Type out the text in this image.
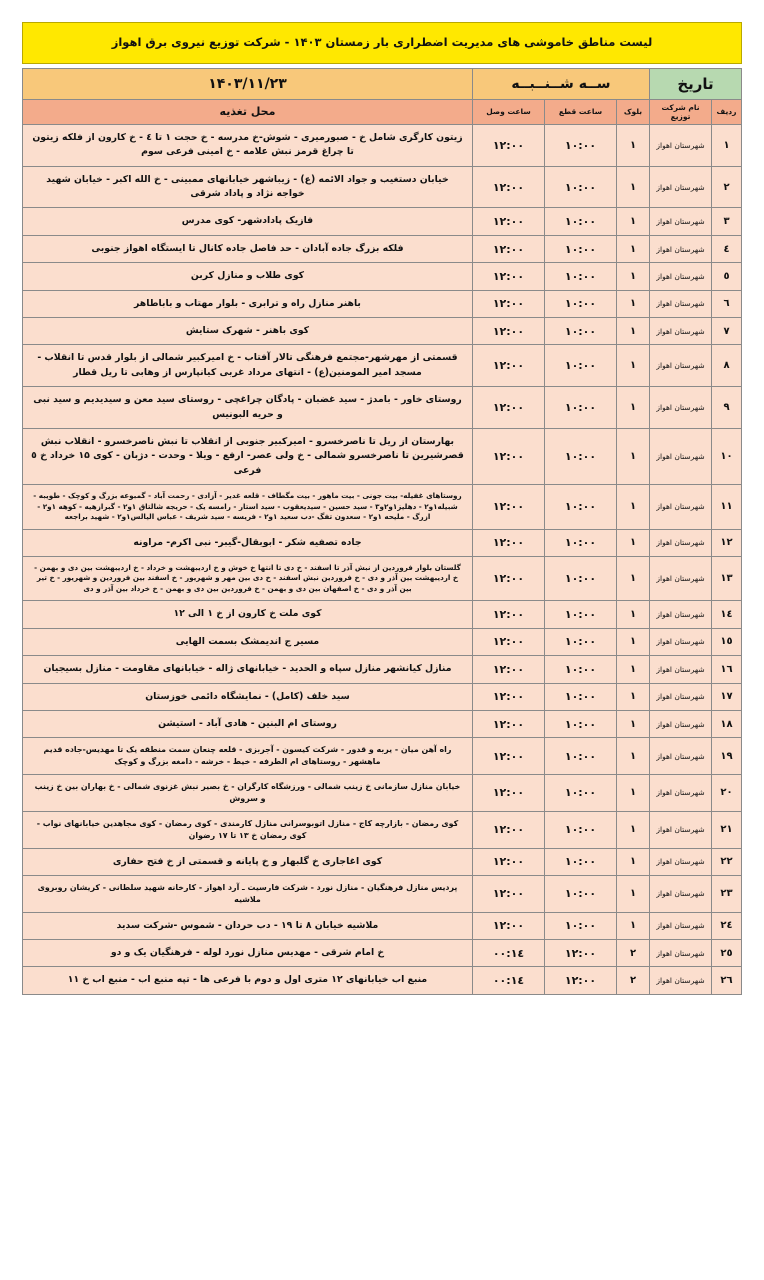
لیست مناطق خاموشی های مدیریت اضطراری بار زمستان ۱۴۰۳ - شرکت توزیع نیروی برق اهواز
تاریخ		ســه شــنــبــه			۱۴۰۳/۱۱/۲۳
ردیف	نام شرکت توزیع	بلوک	ساعت قطع	ساعت وصل	محل تغذیه
۱	شهرستان اهواز	۱	۱۰:۰۰	۱۲:۰۰	زیتون کارگری شامل خ - صبورمیری - شوش-خ مدرسه - خ حجت ۱ تا ٤ - خ کارون از فلکه زیتون تا چراغ قرمز نبش علامه - خ امینی فرعی سوم
۲	شهرستان اهواز	۱	۱۰:۰۰	۱۲:۰۰	خیابان دستغیب و جواد الائمه (ع) - زیباشهر خیابانهای ممبینی - خ الله اکبر - خیابان شهید خواجه نژاد و پاداد شرقی
۳	شهرستان اهواز	۱	۱۰:۰۰	۱۲:۰۰	فازیک پادادشهر- کوی مدرس
٤	شهرستان اهواز	۱	۱۰:۰۰	۱۲:۰۰	فلکه بزرگ جاده آبادان - حد فاصل جاده کانال تا ایستگاه اهواز جنوبی
٥	شهرستان اهواز	۱	۱۰:۰۰	۱۲:۰۰	کوی طلاب و منازل کربن
٦	شهرستان اهواز	۱	۱۰:۰۰	۱۲:۰۰	باهنر منازل راه و ترابری - بلوار مهتاب و باباطاهر
۷	شهرستان اهواز	۱	۱۰:۰۰	۱۲:۰۰	کوی باهنر - شهرک ستایش
۸	شهرستان اهواز	۱	۱۰:۰۰	۱۲:۰۰	قسمتی از مهرشهر-مجتمع فرهنگی تالار آفتاب - خ امیرکبیر شمالی از بلوار قدس تا انقلاب - مسجد امیر المومنین(ع) - انتهای مرداد غربی کیانپارس از وهابی تا ریل قطار
۹	شهرستان اهواز	۱	۱۰:۰۰	۱۲:۰۰	روستای خاور - بامدژ - سید غضبان - پادگان چراغچی - روستای سید معن و سیدیدیم و سید نبی و حریه البونیس
۱۰	شهرستان اهواز	۱	۱۰:۰۰	۱۲:۰۰	بهارستان از ریل تا ناصرخسرو - امیرکبیر جنوبی از انقلاب تا نبش ناصرخسرو - انقلاب نبش قصرشیرین تا ناصرخسرو شمالی - خ ولی عصر- ارفع - ویلا - وحدت - دژبان - کوی ۱۵ خرداد خ ٥ فرعی
۱۱	شهرستان اهواز	۱	۱۰:۰۰	۱۲:۰۰	روستاهای غفیله- بیت جونی - بیت ماهور - بیت مگطاف - قلعه غدیر - آزادی - رحمت آباد - گمبوعه بزرگ و کوچک - طویبه - شبیله۱و۲ - دهلیز۱و۲و۳ - سید حسین - سیدیعقوب - سید استار - رامسه یک - حریجه شالتاق ۱و۲ - گبرازهیه - کوهه ۱و۲ - ازرگ - ملیحه ۱و۲ - سعدون تفگ -دب سعید ۱و۲ - فریسه - سید شریف - عباس الیالس۱و۲ - شهید براجعه
۱۲	شهرستان اهواز	۱	۱۰:۰۰	۱۲:۰۰	جاده تصفیه شکر - ابوبقال-گیبر- نبی اکرم- مراونه
۱۳	شهرستان اهواز	۱	۱۰:۰۰	۱۲:۰۰	گلستان بلوار فروردین از نبش آذر تا اسفند - خ دی تا انتها خ خوش و خ اردیبهشت و خرداد - خ اردیبهشت بین دی و بهمن - خ اردیبهشت بین آذر و دی - خ فروردین نبش اسفند - خ دی بین مهر و شهریور - خ اسفند بین فروردین و شهریور - خ تیر بین آذر و دی - خ اصفهان بین دی و بهمن - خ فروردین بین دی و بهمن - خ خرداد بین آذر و دی
۱٤	شهرستان اهواز	۱	۱۰:۰۰	۱۲:۰۰	کوی ملت خ کارون از خ ۱ الی ۱۲
۱٥	شهرستان اهواز	۱	۱۰:۰۰	۱۲:۰۰	مسیر ج اندیمشک بسمت الهایی
۱٦	شهرستان اهواز	۱	۱۰:۰۰	۱۲:۰۰	منازل کیانشهر منازل سپاه و الحدید - خیابانهای ژاله - خیابانهای مقاومت - منازل بسیجیان
۱۷	شهرستان اهواز	۱	۱۰:۰۰	۱۲:۰۰	سید خلف (کامل) - نمایشگاه دائمی خوزستان
۱۸	شهرستان اهواز	۱	۱۰:۰۰	۱۲:۰۰	روستای ام البنین - هادی آباد - استیشن
۱۹	شهرستان اهواز	۱	۱۰:۰۰	۱۲:۰۰	راه آهن میان - یربه و قدور - شرکت کیسون - آجربزی - قلعه چنعان سمت منطقه یک تا مهدیس-جاده قدیم ماهشهر - روستاهای ام الطرفه - خیط - خرشه - دامغه بزرگ و کوچک
۲۰	شهرستان اهواز	۱	۱۰:۰۰	۱۲:۰۰	خیابان منازل سازمانی خ زینب شمالی - ورزشگاه کارگران - خ بصیر نبش غزنوی شمالی - خ بهاران بین خ زینب و سروش
۲۱	شهرستان اهواز	۱	۱۰:۰۰	۱۲:۰۰	کوی رمضان - بازارچه کاج - منازل اتوبوسرانی منازل کارمندی - کوی رمضان - کوی مجاهدین خیابانهای نواب - کوی رمضان خ ۱۳ تا ۱۷ رضوان
۲۲	شهرستان اهواز	۱	۱۰:۰۰	۱۲:۰۰	کوی اغاجاری خ گلبهار و خ پایانه و قسمتی از خ فتح حفاری
۲۳	شهرستان اهواز	۱	۱۰:۰۰	۱۲:۰۰	پردیس منازل فرهنگیان - منازل نورد - شرکت فارسیت ـ آرد اهواز - کارخانه شهید سلطانی - کریشان روبروی ملاشیه
۲٤	شهرستان اهواز	۱	۱۰:۰۰	۱۲:۰۰	ملاشیه خیابان ۸ تا ۱۹ - دب حردان - شموس -شرکت سدید
۲٥	شهرستان اهواز	۲	۱۲:۰۰	۱٤:۰۰	خ امام شرقی - مهدیس منازل نورد لوله - فرهنگیان یک و دو
۲٦	شهرستان اهواز	۲	۱۲:۰۰	۱٤:۰۰	منبع اب خیابانهای ۱۲ متری اول و دوم با فرعی ها - تپه منبع اب - منبع اب خ ۱۱
